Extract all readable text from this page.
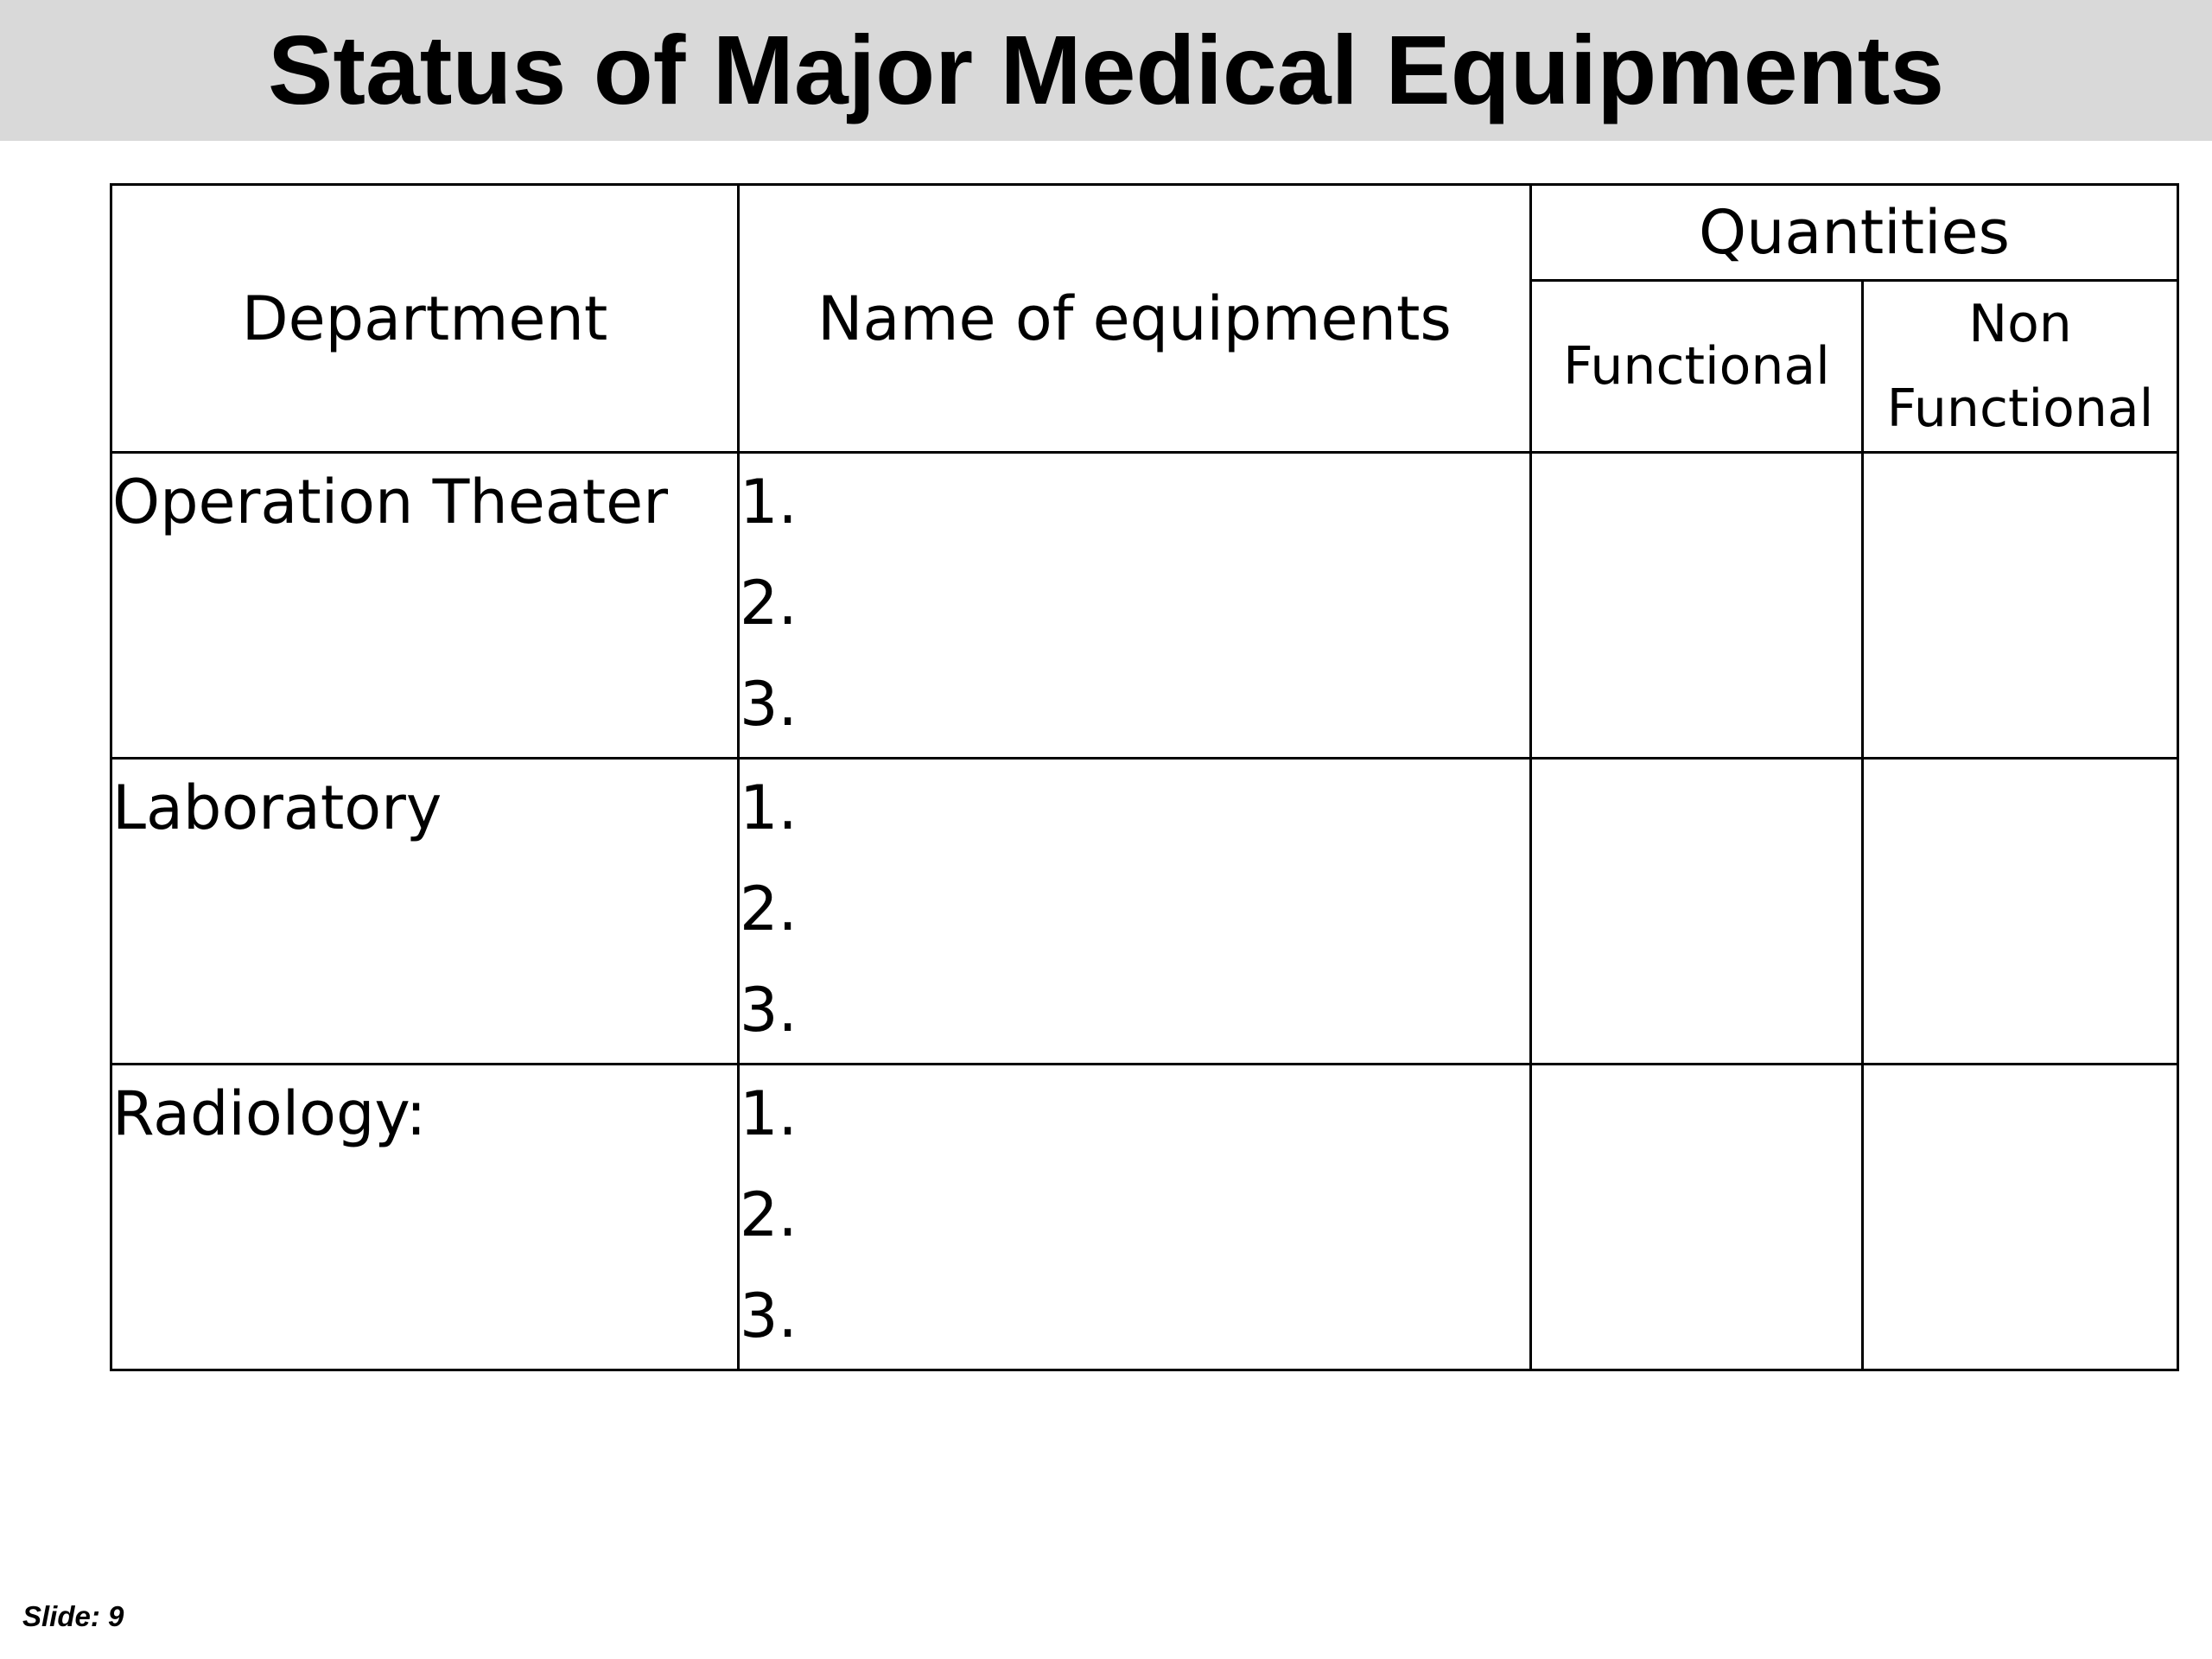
Status of Major Medical Equipments
Department	Name of equipments	Quantities	
		Functional	Non
Functional
Operation Theater	1.
2.
3.		

Laboratory	1.
2.
3.		

Radiology:	1.
2.
3.		

Slide: 9
